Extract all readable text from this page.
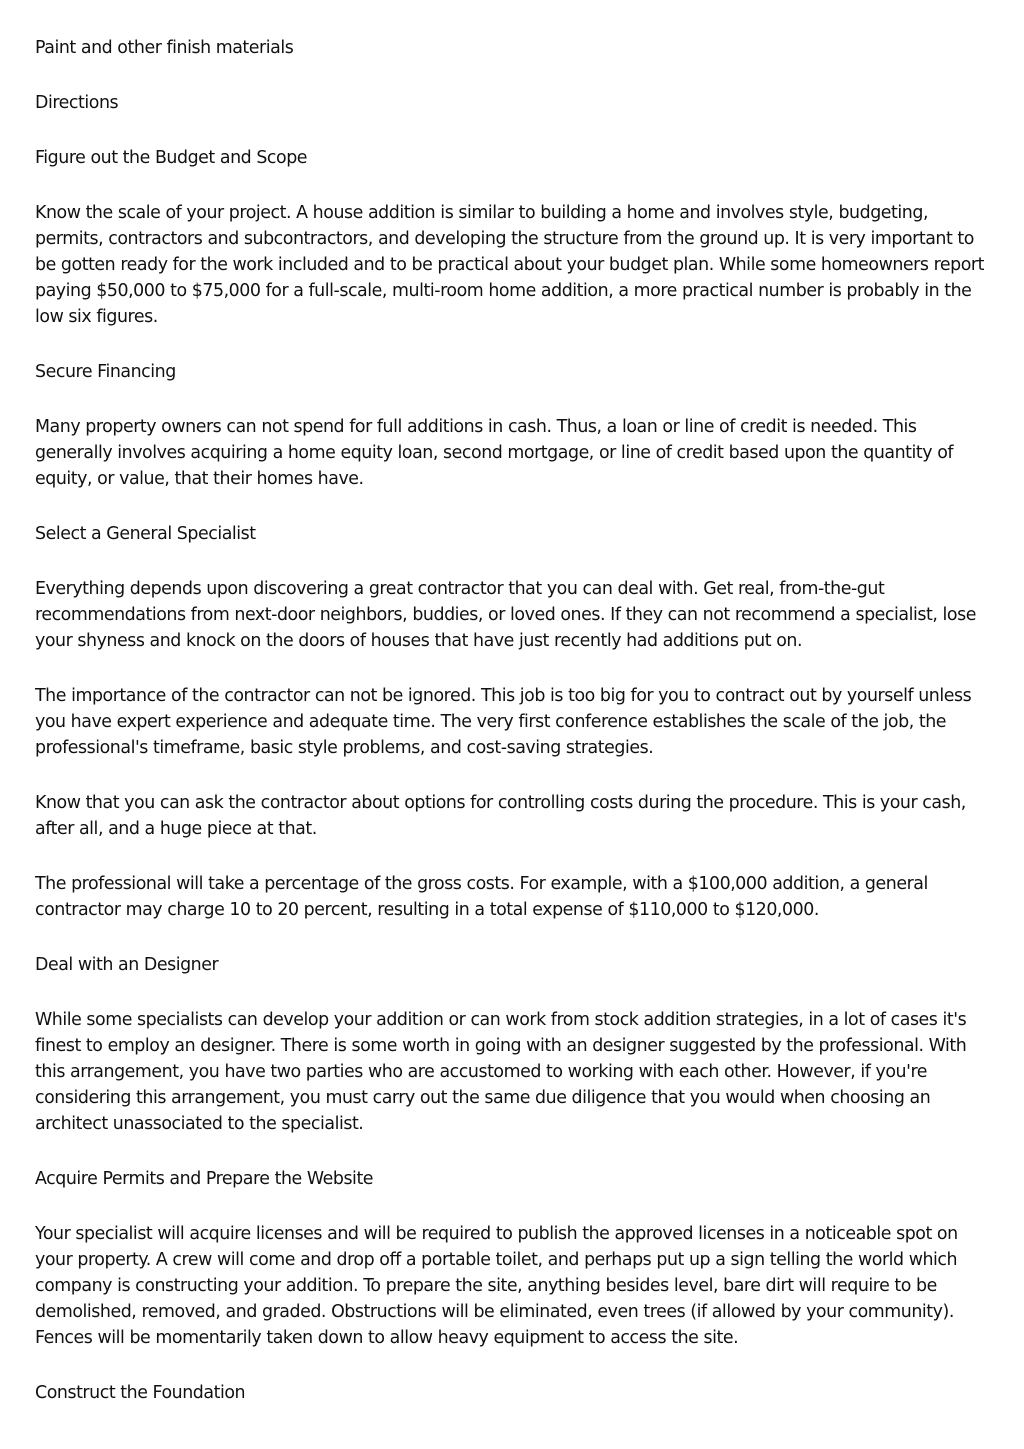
Paint and other finish materials

Directions

Figure out the Budget and Scope

Know the scale of your project. A house addition is similar to building a home and involves style, budgeting, permits, contractors and subcontractors, and developing the structure from the ground up. It is very important to be gotten ready for the work included and to be practical about your budget plan. While some homeowners report paying $50,000 to $75,000 for a full-scale, multi-room home addition, a more practical number is probably in the low six figures.

Secure Financing

Many property owners can not spend for full additions in cash. Thus, a loan or line of credit is needed. This generally involves acquiring a home equity loan, second mortgage, or line of credit based upon the quantity of equity, or value, that their homes have.

Select a General Specialist

Everything depends upon discovering a great contractor that you can deal with. Get real, from-the-gut recommendations from next-door neighbors, buddies, or loved ones. If they can not recommend a specialist, lose your shyness and knock on the doors of houses that have just recently had additions put on.

The importance of the contractor can not be ignored. This job is too big for you to contract out by yourself unless you have expert experience and adequate time. The very first conference establishes the scale of the job, the professional's timeframe, basic style problems, and cost-saving strategies.

Know that you can ask the contractor about options for controlling costs during the procedure. This is your cash, after all, and a huge piece at that.

The professional will take a percentage of the gross costs. For example, with a $100,000 addition, a general contractor may charge 10 to 20 percent, resulting in a total expense of $110,000 to $120,000.

Deal with an Designer

While some specialists can develop your addition or can work from stock addition strategies, in a lot of cases it's finest to employ an designer. There is some worth in going with an designer suggested by the professional. With this arrangement, you have two parties who are accustomed to working with each other. However, if you're considering this arrangement, you must carry out the same due diligence that you would when choosing an architect unassociated to the specialist.

Acquire Permits and Prepare the Website

Your specialist will acquire licenses and will be required to publish the approved licenses in a noticeable spot on your property. A crew will come and drop off a portable toilet, and perhaps put up a sign telling the world which company is constructing your addition. To prepare the site, anything besides level, bare dirt will require to be demolished, removed, and graded. Obstructions will be eliminated, even trees (if allowed by your community). Fences will be momentarily taken down to allow heavy equipment to access the site.

Construct the Foundation
